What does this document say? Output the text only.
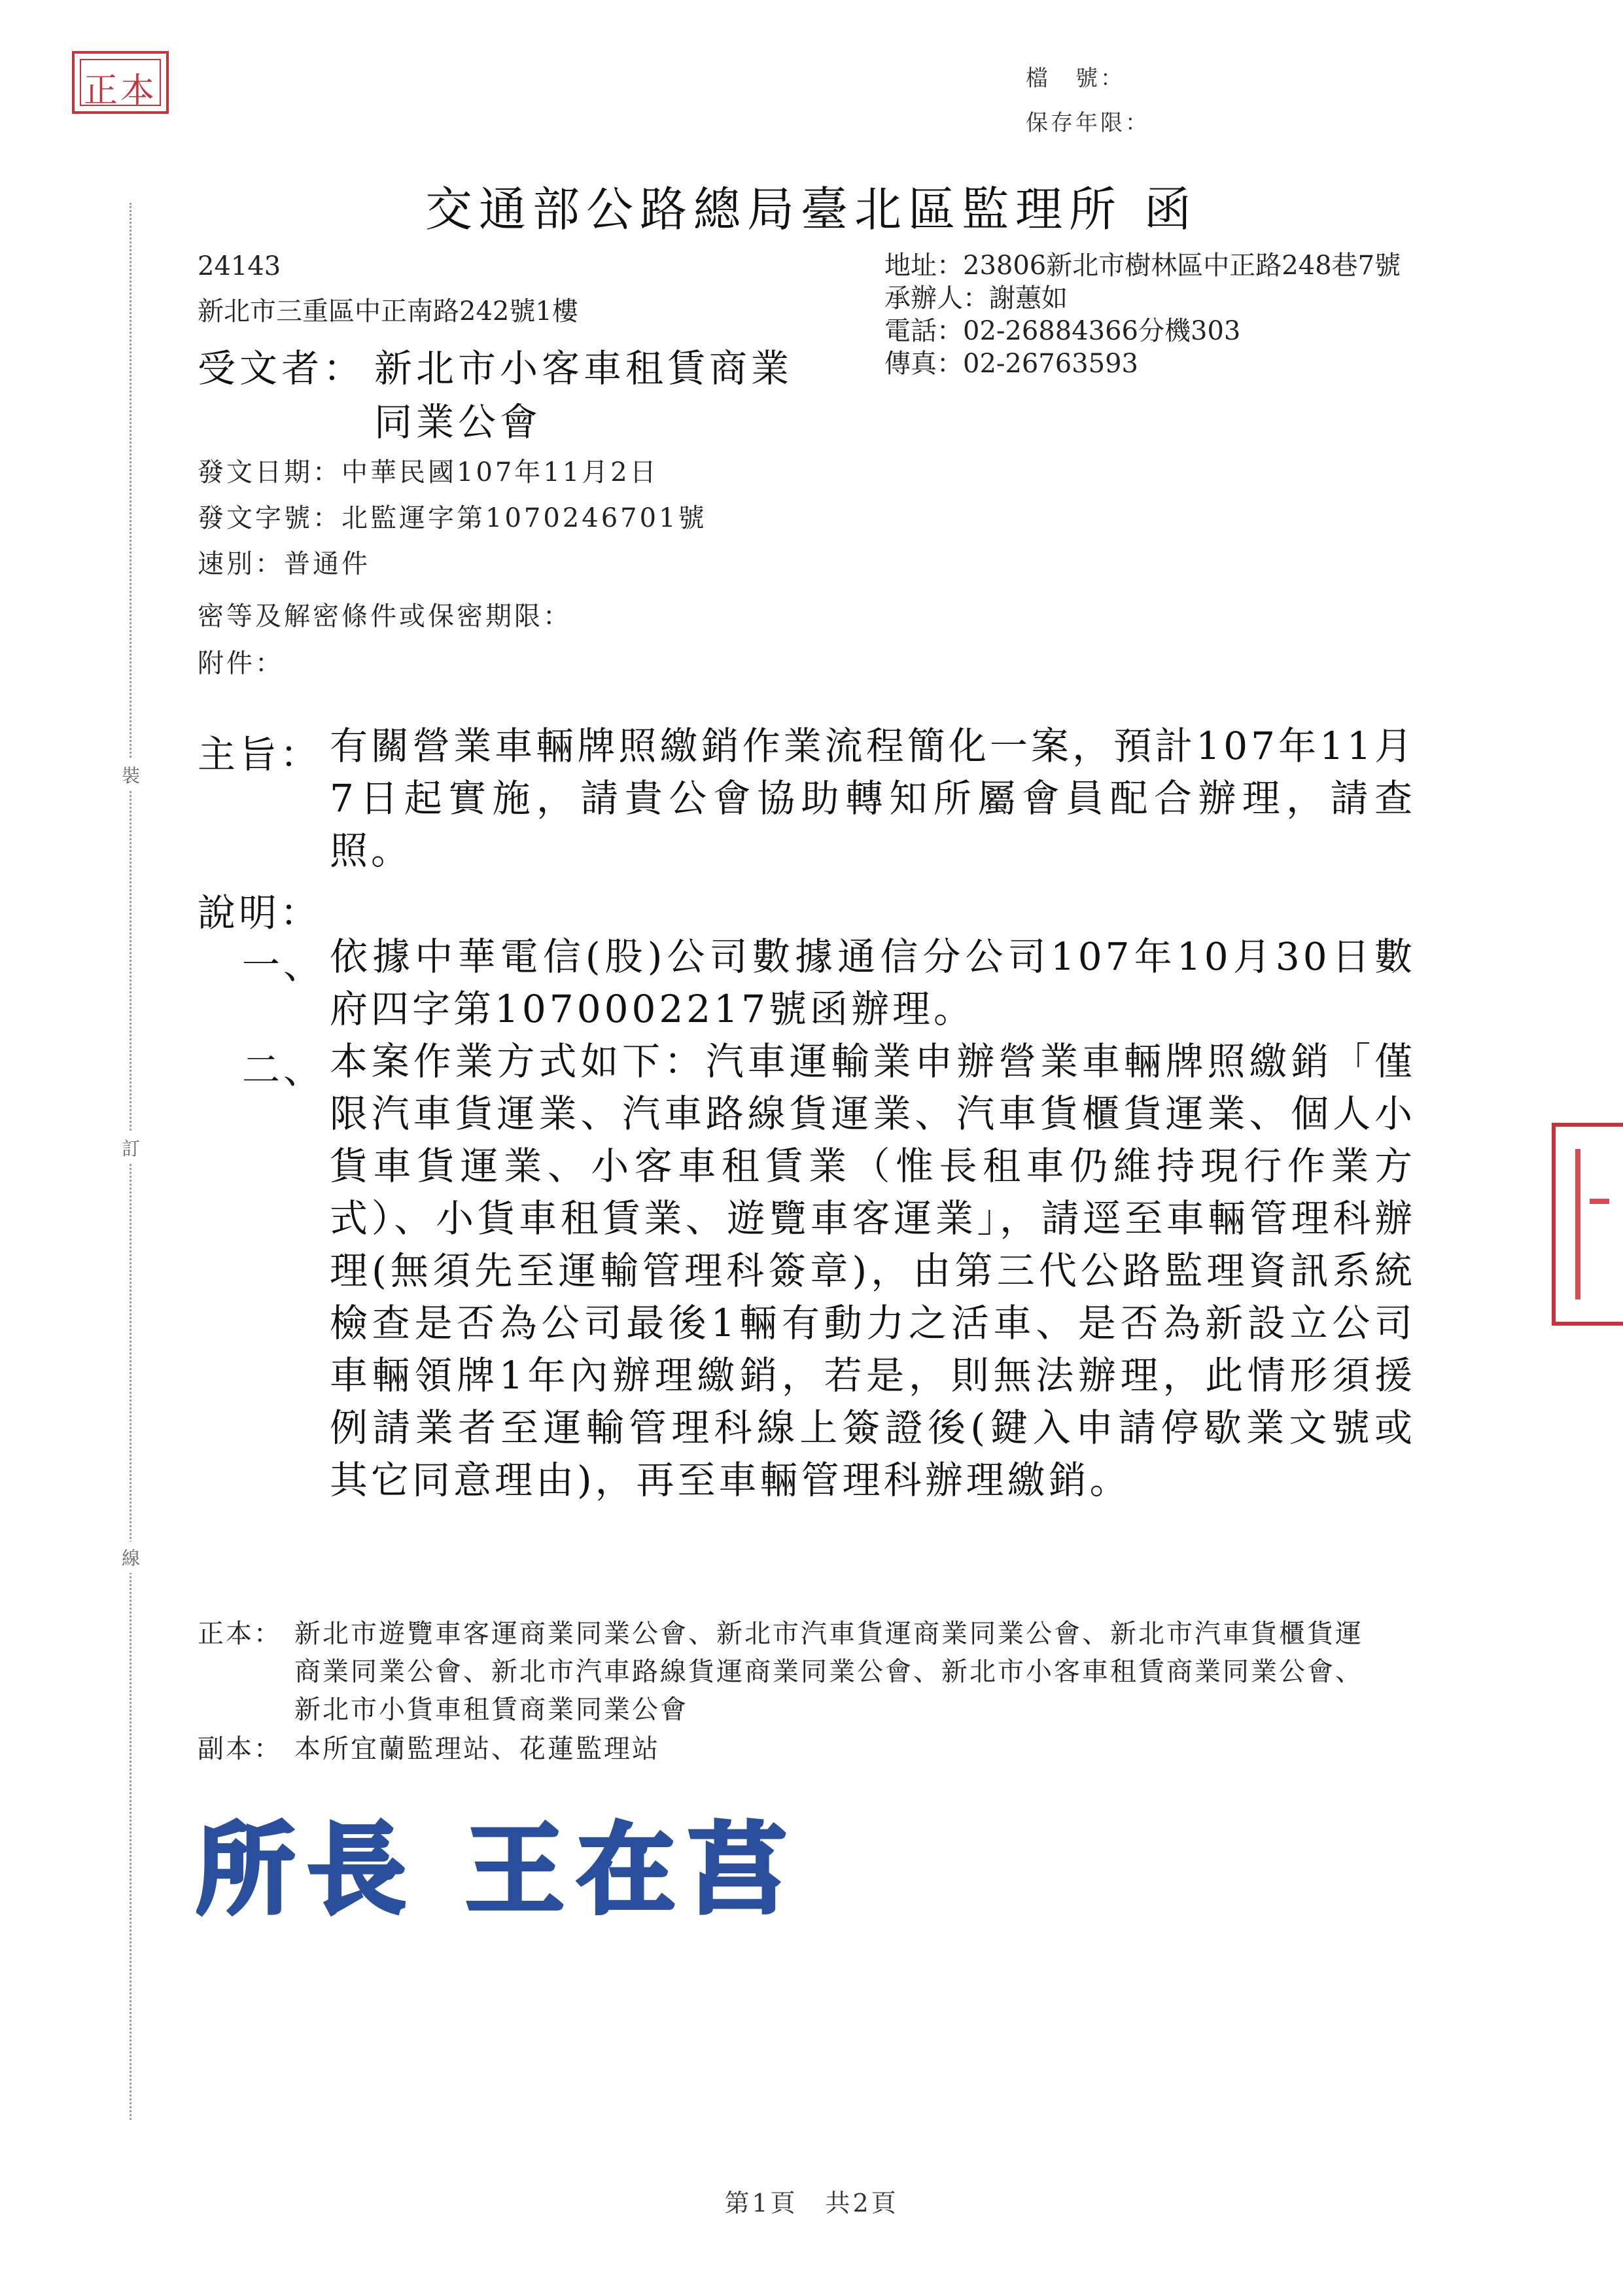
正本	檔　號：
保存年限：
交通部公路總局臺北區監理所 函
24143
新北市三重區中正南路242號1樓
地址：23806新北市樹林區中正路248巷7號
承辦人：謝蕙如
電話：02-26884366分機303
傳真：02-26763593
受文者： 新北市小客車租賃商業
同業公會
發文日期：中華民國107年11月2日
發文字號：北監運字第1070246701號
速別：普通件
密等及解密條件或保密期限：
附件：
主旨： 有關營業車輛牌照繳銷作業流程簡化一案，預計107年11月7日起實施，請貴公會協助轉知所屬會員配合辦理，請查照。
說明：
一、 依據中華電信(股)公司數據通信分公司107年10月30日數府四字第1070002217號函辦理。
二、 本案作業方式如下：汽車運輸業申辦營業車輛牌照繳銷「僅限汽車貨運業、汽車路線貨運業、汽車貨櫃貨運業、個人小貨車貨運業、小客車租賃業（惟長租車仍維持現行作業方式）、小貨車租賃業、遊覽車客運業」，請逕至車輛管理科辦理(無須先至運輸管理科簽章)，由第三代公路監理資訊系統檢查是否為公司最後1輛有動力之活車、是否為新設立公司車輛領牌1年內辦理繳銷，若是，則無法辦理，此情形須援例請業者至運輸管理科線上簽證後(鍵入申請停歇業文號或其它同意理由)，再至車輛管理科辦理繳銷。
正本： 新北市遊覽車客運商業同業公會、新北市汽車貨運商業同業公會、新北市汽車貨櫃貨運商業同業公會、新北市汽車路線貨運商業同業公會、新北市小客車租賃商業同業公會、新北市小貨車租賃商業同業公會
副本： 本所宜蘭監理站、花蓮監理站
所長 王在莒
裝
訂
線
第1頁　共2頁
